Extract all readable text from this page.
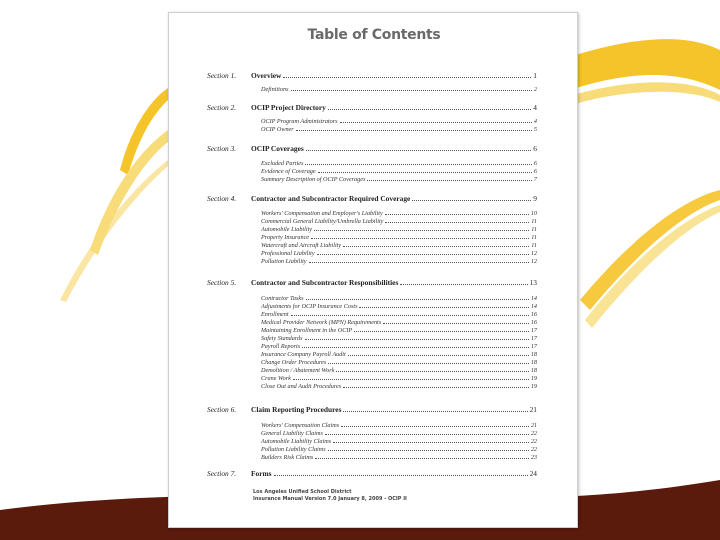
Table of Contents
Section 1. Overview	1
Definitions	2
Section 2. OCIP Project Directory	4
OCIP Program Administrators	4
OCIP Owner	5
Section 3. OCIP Coverages	6
Excluded Parties	6
Evidence of Coverage	6
Summary Description of OCIP Coverages	7
Section 4. Contractor and Subcontractor Required Coverage	9
Workers' Compensation and Employer's Liability	10
Commercial General Liability/Umbrella Liability	11
Automobile Liability	11
Property Insurance	11
Watercraft and Aircraft Liability	11
Professional Liability	12
Pollution Liability	12
Section 5. Contractor and Subcontractor Responsibilities	13
Contractor Tasks	14
Adjustments for OCIP Insurance Costs	14
Enrollment	16
Medical Provider Network (MPN) Requirements	16
Maintaining Enrollment in the OCIP	17
Safety Standards	17
Payroll Reports	17
Insurance Company Payroll Audit	18
Change Order Procedures	18
Demolition / Abatement Work	18
Crane Work	19
Close Out and Audit Procedures	19
Section 6. Claim Reporting Procedures	21
Workers' Compensation Claims	21
General Liability Claims	22
Automobile Liability Claims	22
Pollution Liability Claims	22
Builders Risk Claims	23
Section 7. Forms	24
Los Angeles Unified School District
Insurance Manual Version 7.0 January 8, 2009 - OCIP II
